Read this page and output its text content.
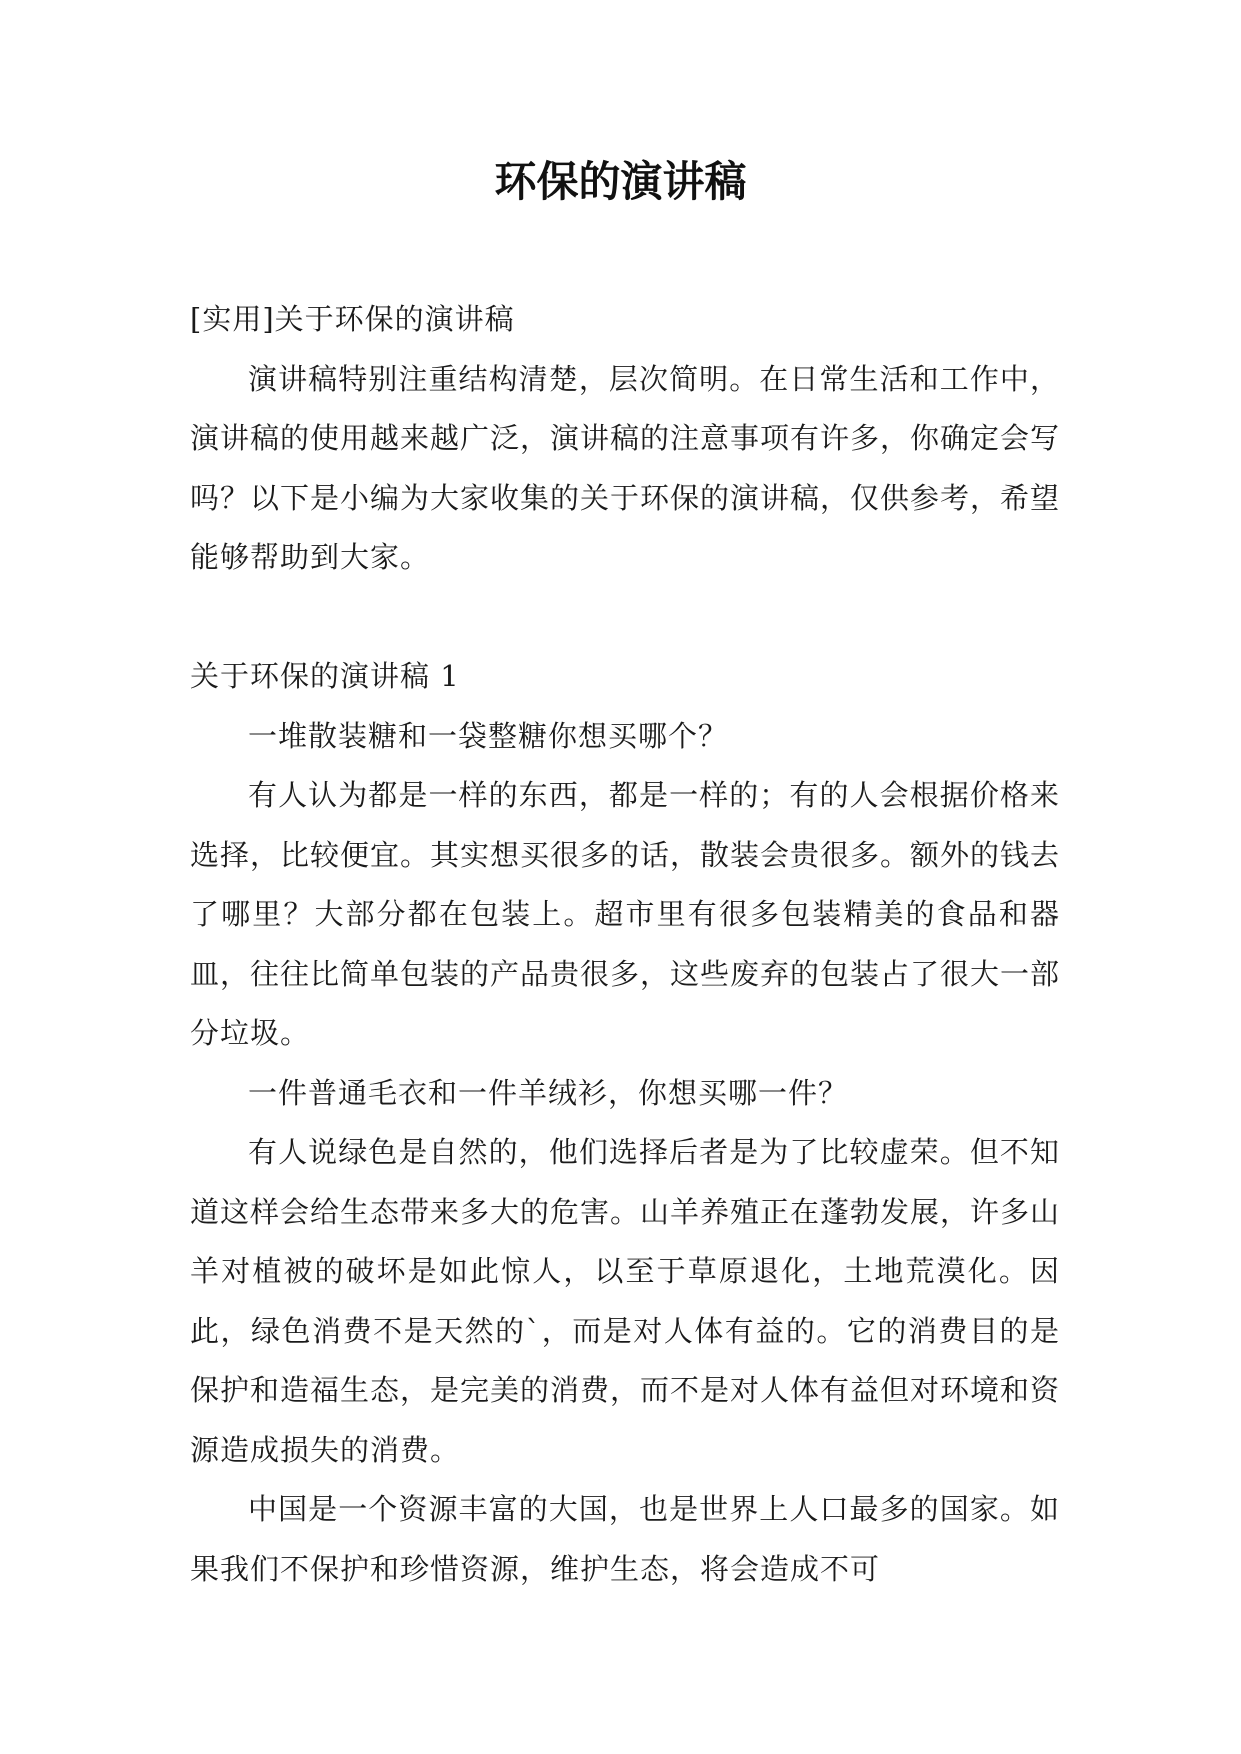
环保的演讲稿

[实用]关于环保的演讲稿

演讲稿特别注重结构清楚，层次简明。在日常生活和工作中，演讲稿的使用越来越广泛，演讲稿的注意事项有许多，你确定会写吗？以下是小编为大家收集的关于环保的演讲稿，仅供参考，希望能够帮助到大家。

关于环保的演讲稿 1

一堆散装糖和一袋整糖你想买哪个？

有人认为都是一样的东西，都是一样的；有的人会根据价格来选择，比较便宜。其实想买很多的话，散装会贵很多。额外的钱去了哪里？大部分都在包装上。超市里有很多包装精美的食品和器皿，往往比简单包装的产品贵很多，这些废弃的包装占了很大一部分垃圾。

一件普通毛衣和一件羊绒衫，你想买哪一件？

有人说绿色是自然的，他们选择后者是为了比较虚荣。但不知道这样会给生态带来多大的危害。山羊养殖正在蓬勃发展，许多山羊对植被的破坏是如此惊人，以至于草原退化，土地荒漠化。因此，绿色消费不是天然的`，而是对人体有益的。它的消费目的是保护和造福生态，是完美的消费，而不是对人体有益但对环境和资源造成损失的消费。

中国是一个资源丰富的大国，也是世界上人口最多的国家。如果我们不保护和珍惜资源，维护生态，将会造成不可
